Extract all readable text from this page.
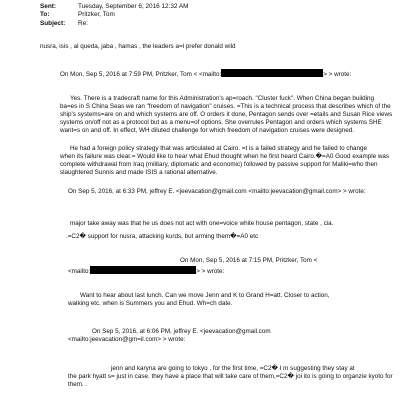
Sent:	Tuesday, September 6, 2016 12:32 AM
To:	Pritzker, Tom
Subject:	Re:
nusra, isis , al queda, jaba , hamas , the leaders a=l prefer donald wild
On Mon, Sep 5, 2016 at 7:59 PM, Pritzker, Tom < <mailto:	> > wrote:
Yes. There is a tradecraft name for this Administration's ap=roach. "Cluster fuck". When China began building
ba=es in S China Seas we ran "freedom of navigation" cruises. =This is a technical process that describes which of the
ship's systems=are on and which systems are off. O orders it done, Pentagon sends over =etails and Susan Rice views
systems on/off not as a protocol but as a menu=of options. She overrules Pentagon and orders which systems SHE
want=s on and off. In effect, WH diluted challenge for which freedom of navigation cruises were designed.
He had a foreign policy strategy that was articulated at Cairo. =t is a failed strategy and he failed to change
when its failure was clear.= Would like to hear what Ehud thought when he first heard Cairo.�=A0 Good example was
complete withdrawal from Iraq (military, diplomatic and economic) followed by passive support for Maliki=who then
slaughtered Sunnis and made ISIS a rational alternative.
On Sep 5, 2016, at 6:33 PM, jeffrey E. <jeevacation@gmail.com <mailto:jeevacation@gmail.com> > wrote:
major take away was that he us does not act with one=voice white house pentagon, state , cia.
.=C2� support for nusra, attacking kurds, but arming them�=A0 etc
On Mon, Sep 5, 2016 at 7:15 PM, Pritzker, Tom <
<mailto:	> > wrote:
Want to hear about last lunch. Can we move Jenn and K to Grand H=att. Closer to action,
walking etc. when is Summers you and Ehud. Wh=ch date.
On Sep 5, 2016, at 6:06 PM, jeffrey E. <jeevacation@gmail.com
<mailto:jeevacation@gm=il.com> > wrote:
jenn and karyna are going to tokyo , for the first time, =C2� I m suggesting they stay at
the park hyatt s= just in case. they have a place that will take care of them,=C2� joi ito is going to organzie kyoto for
them. .
